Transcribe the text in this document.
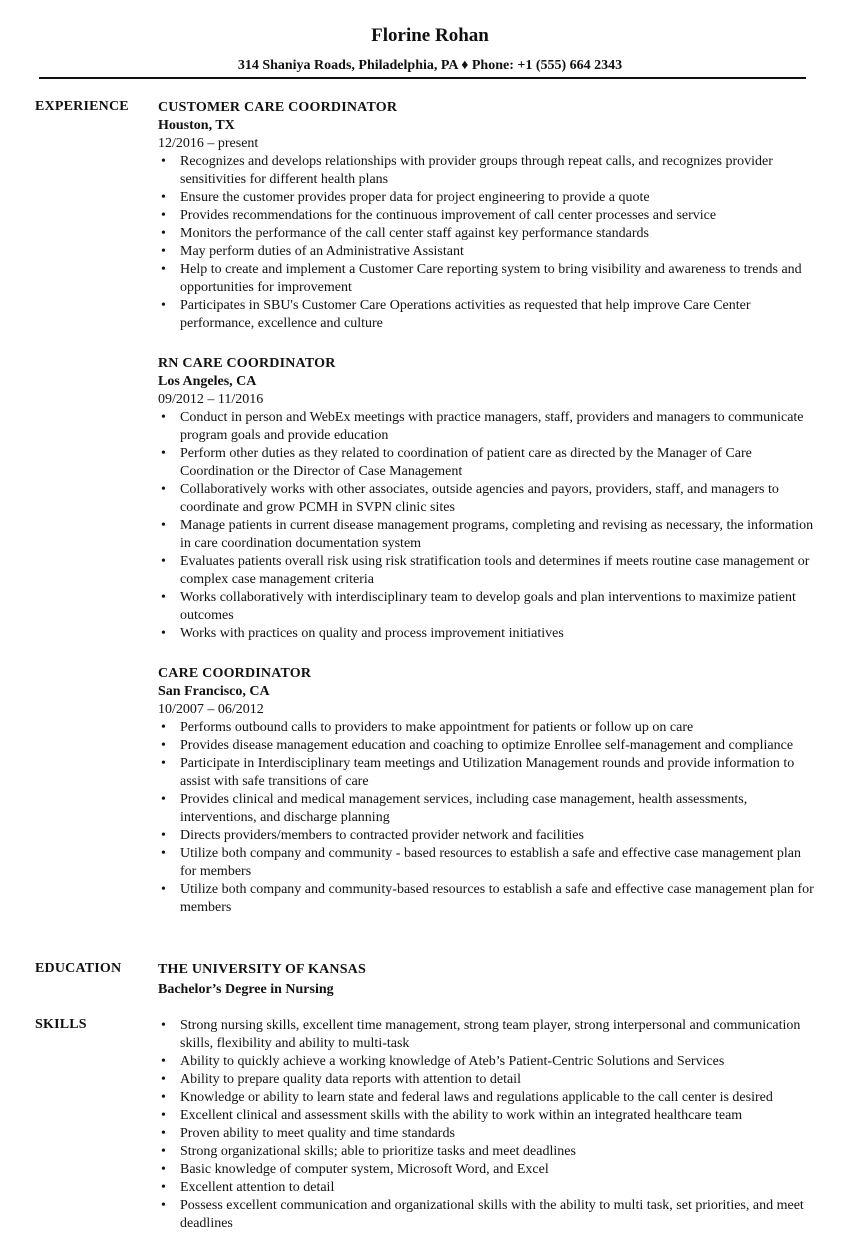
Florine Rohan
314 Shaniya Roads, Philadelphia, PA ♦ Phone: +1 (555) 664 2343
EXPERIENCE CUSTOMER CARE COORDINATOR
Houston, TX
12/2016 – present
• Recognizes and develops relationships with provider groups through repeat calls, and recognizes provider sensitivities for different health plans
• Ensure the customer provides proper data for project engineering to provide a quote
• Provides recommendations for the continuous improvement of call center processes and service
• Monitors the performance of the call center staff against key performance standards
• May perform duties of an Administrative Assistant
• Help to create and implement a Customer Care reporting system to bring visibility and awareness to trends and opportunities for improvement
• Participates in SBU's Customer Care Operations activities as requested that help improve Care Center performance, excellence and culture
RN CARE COORDINATOR
Los Angeles, CA
09/2012 – 11/2016
• Conduct in person and WebEx meetings with practice managers, staff, providers and managers to communicate program goals and provide education
• Perform other duties as they related to coordination of patient care as directed by the Manager of Care Coordination or the Director of Case Management
• Collaboratively works with other associates, outside agencies and payors, providers, staff, and managers to coordinate and grow PCMH in SVPN clinic sites
• Manage patients in current disease management programs, completing and revising as necessary, the information in care coordination documentation system
• Evaluates patients overall risk using risk stratification tools and determines if meets routine case management or complex case management criteria
• Works collaboratively with interdisciplinary team to develop goals and plan interventions to maximize patient outcomes
• Works with practices on quality and process improvement initiatives
CARE COORDINATOR
San Francisco, CA
10/2007 – 06/2012
• Performs outbound calls to providers to make appointment for patients or follow up on care
• Provides disease management education and coaching to optimize Enrollee self-management and compliance
• Participate in Interdisciplinary team meetings and Utilization Management rounds and provide information to assist with safe transitions of care
• Provides clinical and medical management services, including case management, health assessments, interventions, and discharge planning
• Directs providers/members to contracted provider network and facilities
• Utilize both company and community - based resources to establish a safe and effective case management plan for members
• Utilize both company and community-based resources to establish a safe and effective case management plan for members
EDUCATION	THE UNIVERSITY OF KANSAS
Bachelor’s Degree in Nursing
SKILLS
•	Strong nursing skills, excellent time management, strong team player, strong interpersonal and communication skills, flexibility and ability to multi-task
• Ability to quickly achieve a working knowledge of Ateb’s Patient-Centric Solutions and Services
• Ability to prepare quality data reports with attention to detail
• Knowledge or ability to learn state and federal laws and regulations applicable to the call center is desired
• Excellent clinical and assessment skills with the ability to work within an integrated healthcare team
• Proven ability to meet quality and time standards
• Strong organizational skills; able to prioritize tasks and meet deadlines
• Basic knowledge of computer system, Microsoft Word, and Excel
• Excellent attention to detail
• Possess excellent communication and organizational skills with the ability to multi task, set priorities, and meet deadlines
